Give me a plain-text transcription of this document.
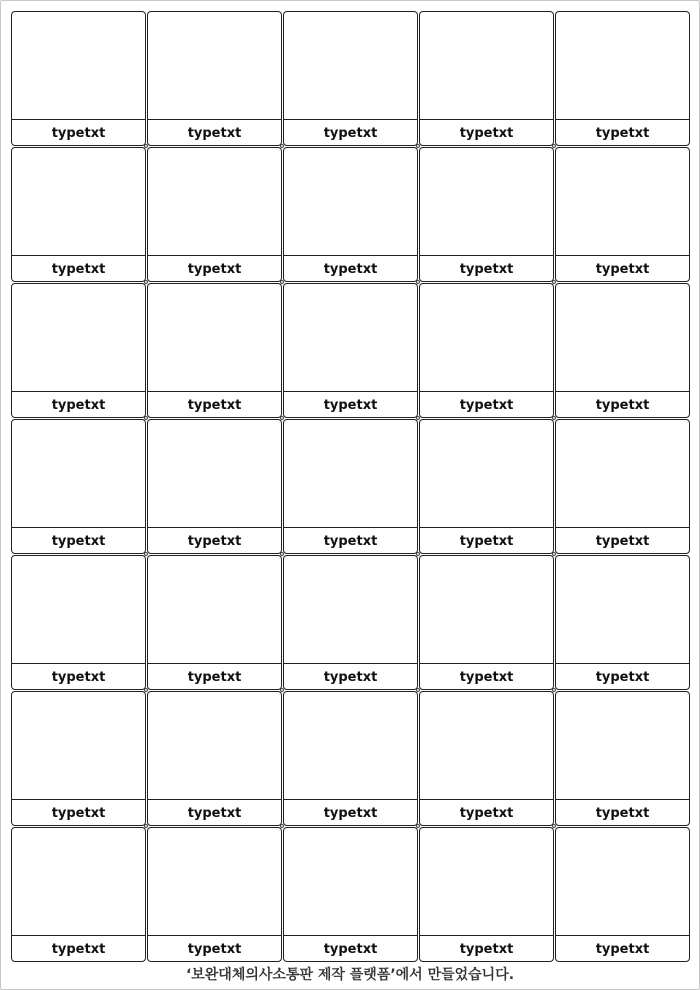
typetxt	typetxt	typetxt	typetxt	typetxt
typetxt	typetxt	typetxt	typetxt	typetxt
typetxt	typetxt	typetxt	typetxt	typetxt
typetxt	typetxt	typetxt	typetxt	typetxt
typetxt	typetxt	typetxt	typetxt	typetxt
typetxt	typetxt	typetxt	typetxt	typetxt
typetxt	typetxt	typetxt	typetxt	typetxt
‘보완대체의사소통판 제작 플랫폼’에서 만들었습니다.
